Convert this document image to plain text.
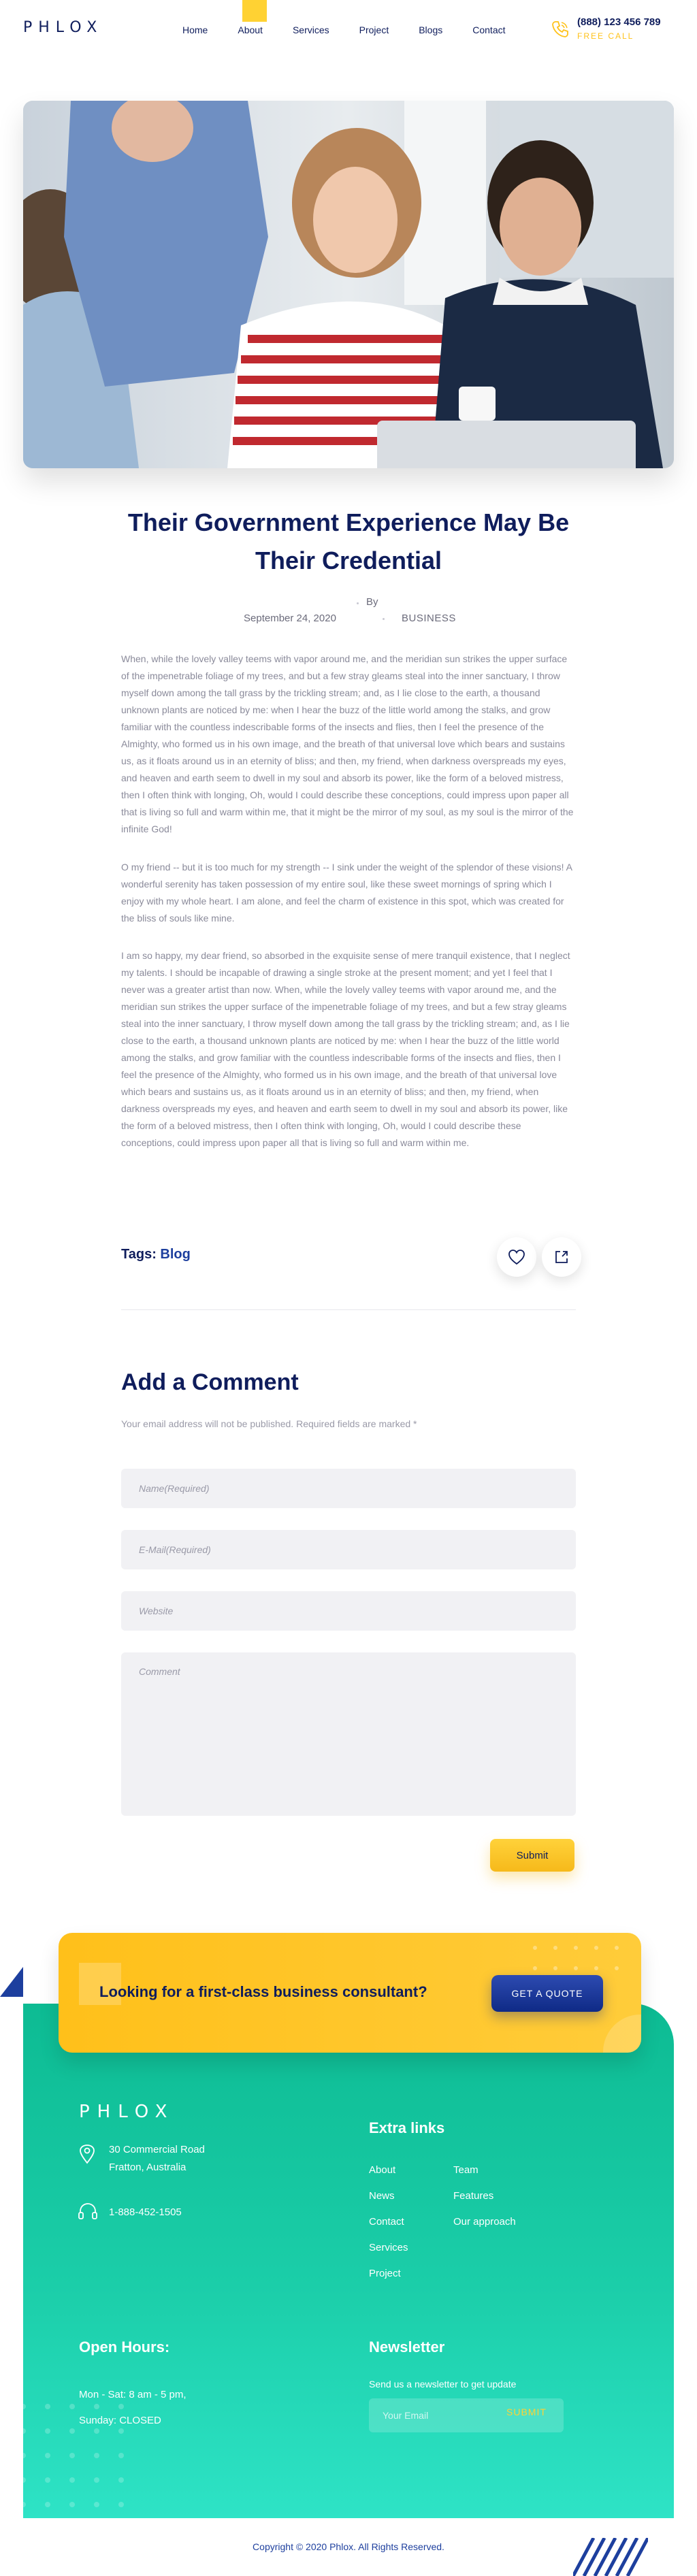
PHLOX	Home	About	Services	Project	Blogs	Contact
(888) 123 456 789
FREE CALL
Their Government Experience May Be Their Credential
By
September 24, 2020	BUSINESS

When, while the lovely valley teems with vapor around me, and the meridian sun strikes the upper surface of the impenetrable foliage of my trees, and but a few stray gleams steal into the inner sanctuary, I throw myself down among the tall grass by the trickling stream; and, as I lie close to the earth, a thousand unknown plants are noticed by me: when I hear the buzz of the little world among the stalks, and grow familiar with the countless indescribable forms of the insects and flies, then I feel the presence of the Almighty, who formed us in his own image, and the breath of that universal love which bears and sustains us, as it floats around us in an eternity of bliss; and then, my friend, when darkness overspreads my eyes, and heaven and earth seem to dwell in my soul and absorb its power, like the form of a beloved mistress, then I often think with longing, Oh, would I could describe these conceptions, could impress upon paper all that is living so full and warm within me, that it might be the mirror of my soul, as my soul is the mirror of the infinite God!

O my friend -- but it is too much for my strength -- I sink under the weight of the splendor of these visions! A wonderful serenity has taken possession of my entire soul, like these sweet mornings of spring which I enjoy with my whole heart. I am alone, and feel the charm of existence in this spot, which was created for the bliss of souls like mine.

I am so happy, my dear friend, so absorbed in the exquisite sense of mere tranquil existence, that I neglect my talents. I should be incapable of drawing a single stroke at the present moment; and yet I feel that I never was a greater artist than now. When, while the lovely valley teems with vapor around me, and the meridian sun strikes the upper surface of the impenetrable foliage of my trees, and but a few stray gleams steal into the inner sanctuary, I throw myself down among the tall grass by the trickling stream; and, as I lie close to the earth, a thousand unknown plants are noticed by me: when I hear the buzz of the little world among the stalks, and grow familiar with the countless indescribable forms of the insects and flies, then I feel the presence of the Almighty, who formed us in his own image, and the breath of that universal love which bears and sustains us, as it floats around us in an eternity of bliss; and then, my friend, when darkness overspreads my eyes, and heaven and earth seem to dwell in my soul and absorb its power, like the form of a beloved mistress, then I often think with longing, Oh, would I could describe these conceptions, could impress upon paper all that is living so full and warm within me.

Tags: Blog
Add a Comment
Your email address will not be published. Required fields are marked *
Name(Required)
E-Mail(Required)
Website
Comment
Submit
Looking for a first-class business consultant?	GET A QUOTE
PHLOX
30 Commercial Road
Fratton, Australia
1-888-452-1505
Extra links
About
News
Contact
Services
Project
Team
Features
Our approach
Open Hours:
Mon - Sat: 8 am - 5 pm,
Sunday: CLOSED
Newsletter
Send us a newsletter to get update
Your Email
SUBMIT
Copyright © 2020 Phlox. All Rights Reserved.
